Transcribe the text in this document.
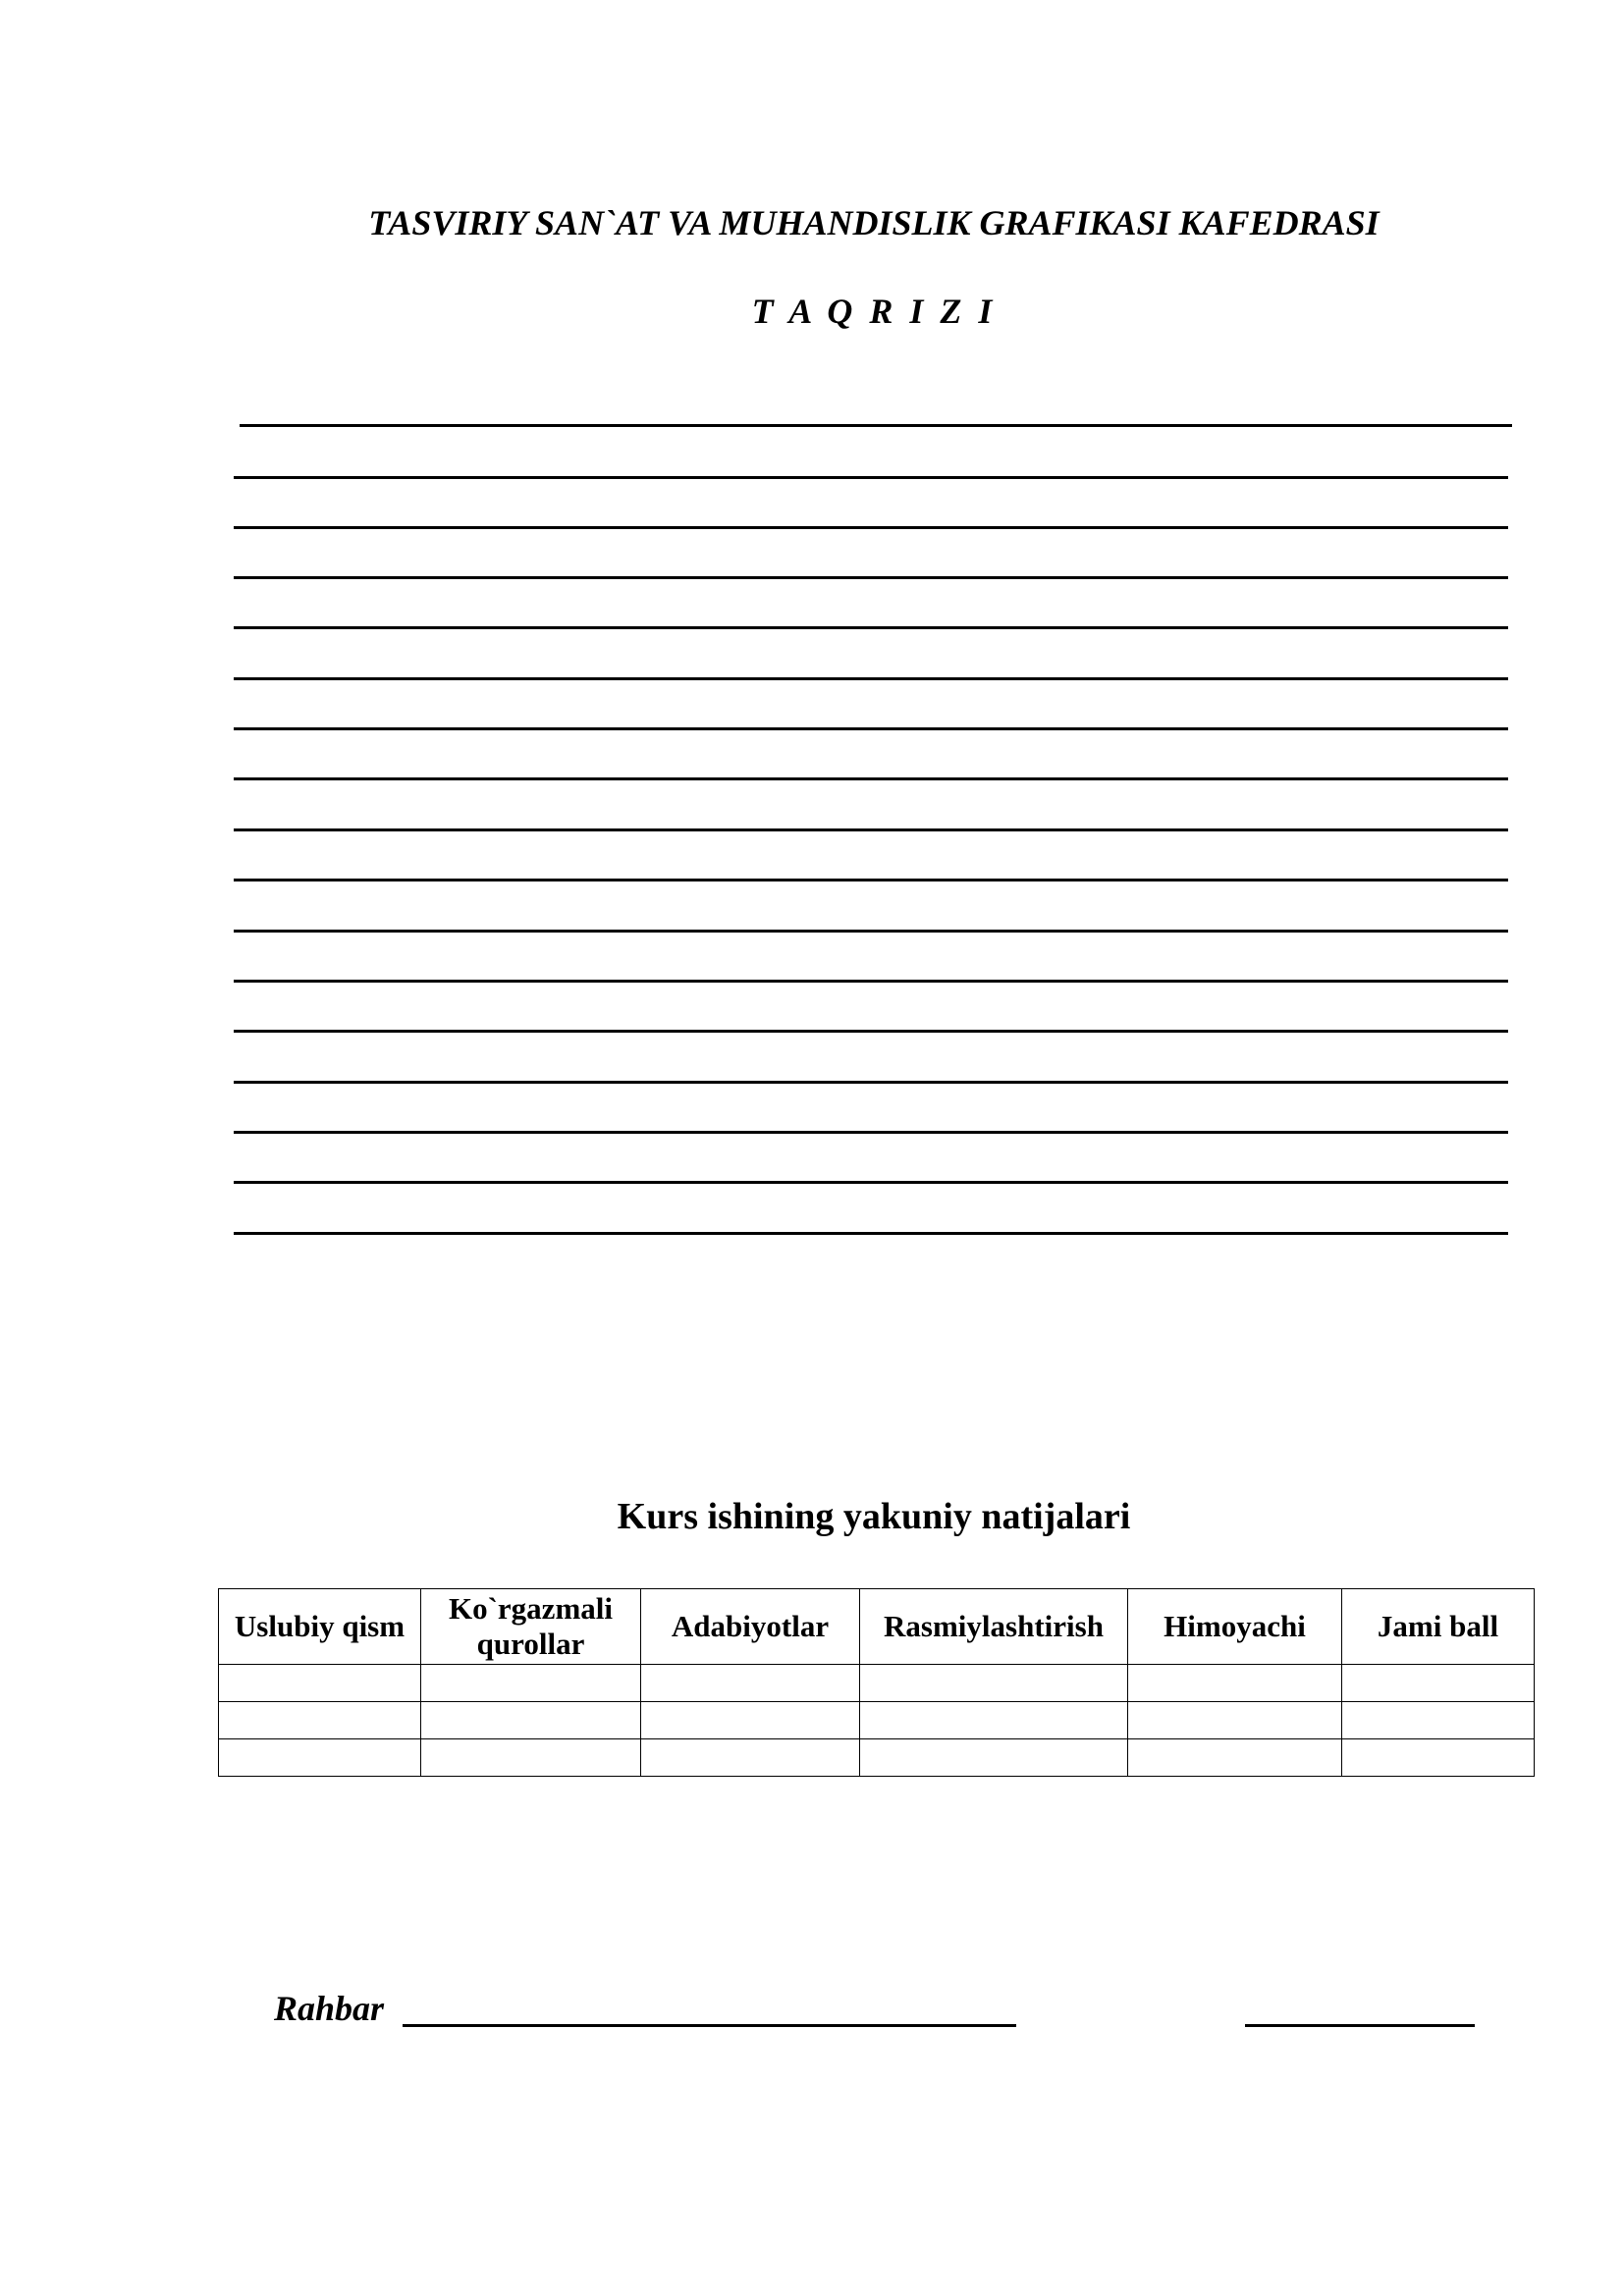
TASVIRIY SAN`AT VA MUHANDISLIK GRAFIKASI KAFEDRASI
T A Q R I Z I
Kurs ishining yakuniy natijalari
Uslubiy qism	Ko`rgazmali qurollar	Adabiyotlar	Rasmiylashtirish	Himoyachi	Jami ball

Rahbar
